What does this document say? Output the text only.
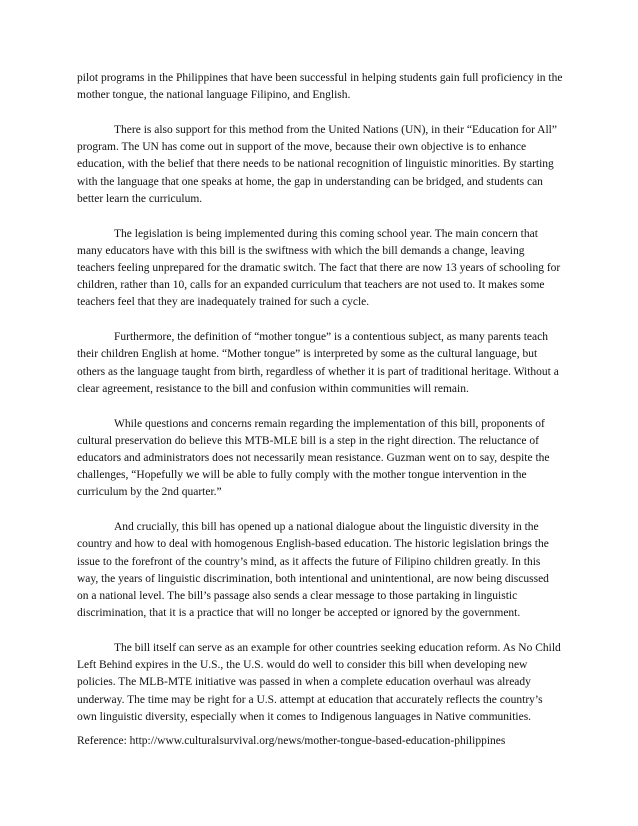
pilot programs in the Philippines that have been successful in helping students gain full proficiency in the mother tongue, the national language Filipino, and English.

There is also support for this method from the United Nations (UN), in their “Education for All” program. The UN has come out in support of the move, because their own objective is to enhance education, with the belief that there needs to be national recognition of linguistic minorities. By starting with the language that one speaks at home, the gap in understanding can be bridged, and students can better learn the curriculum.

The legislation is being implemented during this coming school year. The main concern that many educators have with this bill is the swiftness with which the bill demands a change, leaving teachers feeling unprepared for the dramatic switch. The fact that there are now 13 years of schooling for children, rather than 10, calls for an expanded curriculum that teachers are not used to. It makes some teachers feel that they are inadequately trained for such a cycle.

Furthermore, the definition of “mother tongue” is a contentious subject, as many parents teach their children English at home. “Mother tongue” is interpreted by some as the cultural language, but others as the language taught from birth, regardless of whether it is part of traditional heritage. Without a clear agreement, resistance to the bill and confusion within communities will remain.

While questions and concerns remain regarding the implementation of this bill, proponents of cultural preservation do believe this MTB-MLE bill is a step in the right direction. The reluctance of educators and administrators does not necessarily mean resistance. Guzman went on to say, despite the challenges, “Hopefully we will be able to fully comply with the mother tongue intervention in the curriculum by the 2nd quarter.”

And crucially, this bill has opened up a national dialogue about the linguistic diversity in the country and how to deal with homogenous English-based education. The historic legislation brings the issue to the forefront of the country’s mind, as it affects the future of Filipino children greatly. In this way, the years of linguistic discrimination, both intentional and unintentional, are now being discussed on a national level. The bill’s passage also sends a clear message to those partaking in linguistic discrimination, that it is a practice that will no longer be accepted or ignored by the government.

The bill itself can serve as an example for other countries seeking education reform. As No Child Left Behind expires in the U.S., the U.S. would do well to consider this bill when developing new policies. The MLB-MTE initiative was passed in when a complete education overhaul was already underway. The time may be right for a U.S. attempt at education that accurately reflects the country’s own linguistic diversity, especially when it comes to Indigenous languages in Native communities.

Reference: http://www.culturalsurvival.org/news/mother-tongue-based-education-philippines
